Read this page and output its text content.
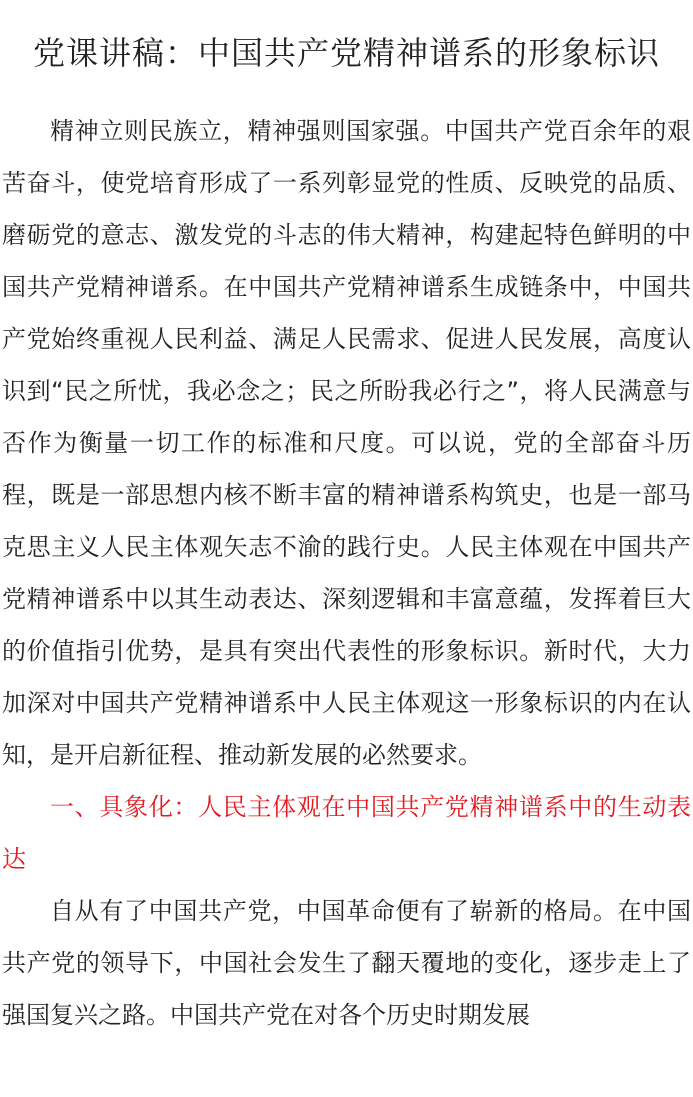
党课讲稿：中国共产党精神谱系的形象标识

精神立则民族立，精神强则国家强。中国共产党百余年的艰苦奋斗，使党培育形成了一系列彰显党的性质、反映党的品质、磨砺党的意志、激发党的斗志的伟大精神，构建起特色鲜明的中国共产党精神谱系。在中国共产党精神谱系生成链条中，中国共产党始终重视人民利益、满足人民需求、促进人民发展，高度认识到“民之所忧，我必念之；民之所盼我必行之”，将人民满意与否作为衡量一切工作的标准和尺度。可以说，党的全部奋斗历程，既是一部思想内核不断丰富的精神谱系构筑史，也是一部马克思主义人民主体观矢志不渝的践行史。人民主体观在中国共产党精神谱系中以其生动表达、深刻逻辑和丰富意蕴，发挥着巨大的价值指引优势，是具有突出代表性的形象标识。新时代，大力加深对中国共产党精神谱系中人民主体观这一形象标识的内在认知，是开启新征程、推动新发展的必然要求。

一、具象化：人民主体观在中国共产党精神谱系中的生动表达

自从有了中国共产党，中国革命便有了崭新的格局。在中国共产党的领导下，中国社会发生了翻天覆地的变化，逐步走上了强国复兴之路。中国共产党在对各个历史时期发展
